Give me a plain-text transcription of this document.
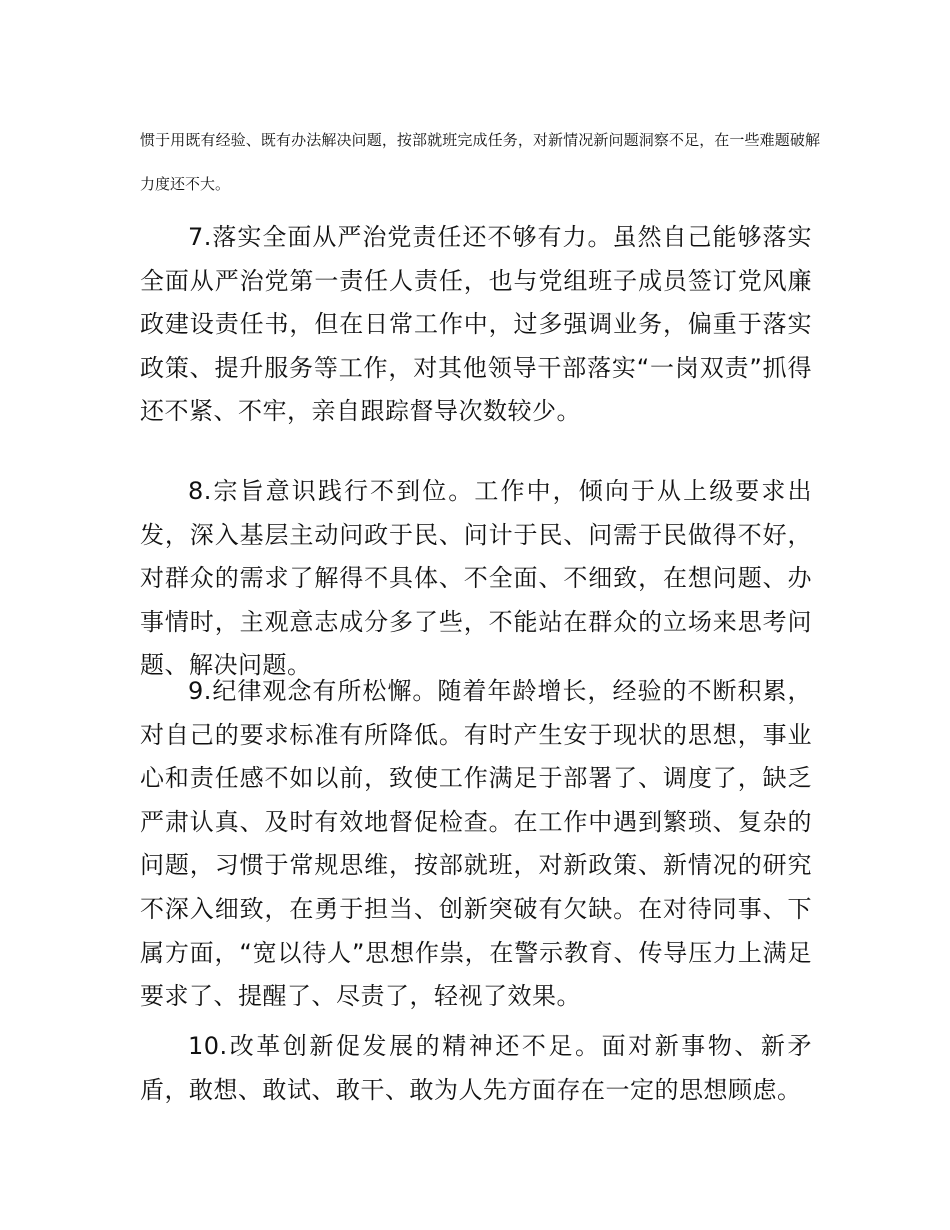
惯于用既有经验、既有办法解决问题，按部就班完成任务，对新情况新问题洞察不足，在一些难题破解力度还不大。

7.落实全面从严治党责任还不够有力。虽然自己能够落实全面从严治党第一责任人责任，也与党组班子成员签订党风廉政建设责任书，但在日常工作中，过多强调业务，偏重于落实政策、提升服务等工作，对其他领导干部落实“一岗双责”抓得还不紧、不牢，亲自跟踪督导次数较少。

8.宗旨意识践行不到位。工作中，倾向于从上级要求出发，深入基层主动问政于民、问计于民、问需于民做得不好，对群众的需求了解得不具体、不全面、不细致，在想问题、办事情时，主观意志成分多了些，不能站在群众的立场来思考问题、解决问题。

9.纪律观念有所松懈。随着年龄增长，经验的不断积累，对自己的要求标准有所降低。有时产生安于现状的思想，事业心和责任感不如以前，致使工作满足于部署了、调度了，缺乏严肃认真、及时有效地督促检查。在工作中遇到繁琐、复杂的问题，习惯于常规思维，按部就班，对新政策、新情况的研究不深入细致，在勇于担当、创新突破有欠缺。在对待同事、下属方面，“宽以待人”思想作祟，在警示教育、传导压力上满足要求了、提醒了、尽责了，轻视了效果。

10.改革创新促发展的精神还不足。面对新事物、新矛盾，敢想、敢试、敢干、敢为人先方面存在一定的思想顾虑。
